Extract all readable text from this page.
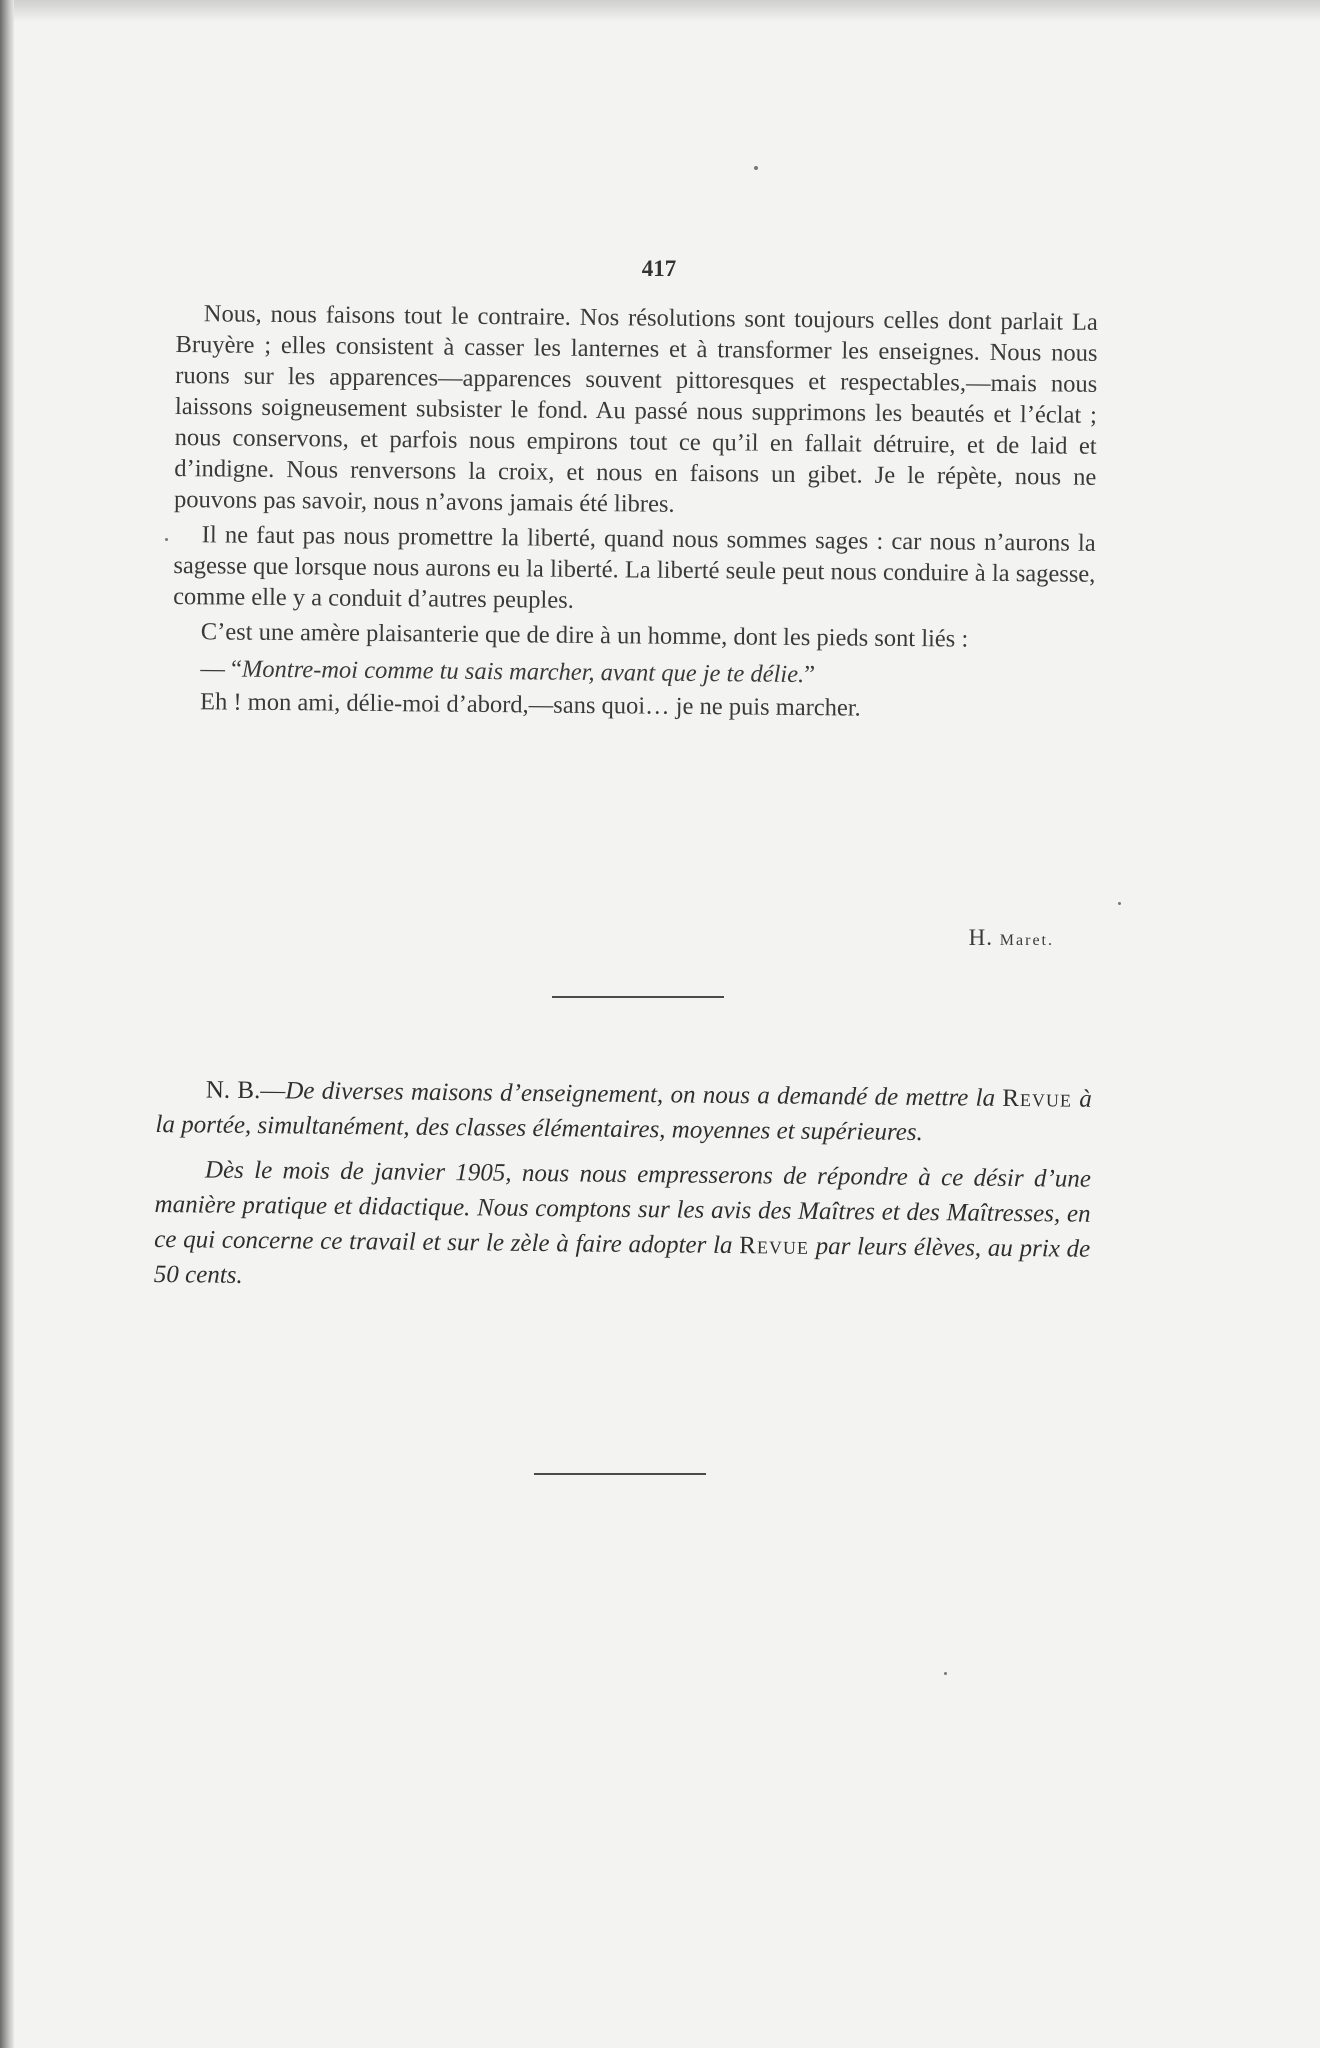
417

Nous, nous faisons tout le contraire. Nos résolutions sont toujours celles dont parlait La Bruyère ; elles consistent à casser les lanternes et à transformer les enseignes. Nous nous ruons sur les apparences—apparences souvent pittoresques et respectables,—mais nous laissons soigneusement subsister le fond. Au passé nous supprimons les beautés et l’éclat ; nous conservons, et parfois nous empirons tout ce qu’il en fallait détruire, et de laid et d’indigne. Nous renversons la croix, et nous en faisons un gibet. Je le répète, nous ne pouvons pas savoir, nous n’avons jamais été libres.

Il ne faut pas nous promettre la liberté, quand nous sommes sages : car nous n’aurons la sagesse que lorsque nous aurons eu la liberté. La liberté seule peut nous conduire à la sagesse, comme elle y a conduit d’autres peuples.

C’est une amère plaisanterie que de dire à un homme, dont les pieds sont liés :

— “Montre-moi comme tu sais marcher, avant que je te délie.”

Eh ! mon ami, délie-moi d’abord,—sans quoi… je ne puis marcher.

H. Maret.

N. B.—De diverses maisons d’enseignement, on nous a demandé de mettre la Revue à la portée, simultanément, des classes élémentaires, moyennes et supérieures.

Dès le mois de janvier 1905, nous nous empresserons de répondre à ce désir d’une manière pratique et didactique. Nous comptons sur les avis des Maîtres et des Maîtresses, en ce qui concerne ce travail et sur le zèle à faire adopter la Revue par leurs élèves, au prix de 50 cents.
